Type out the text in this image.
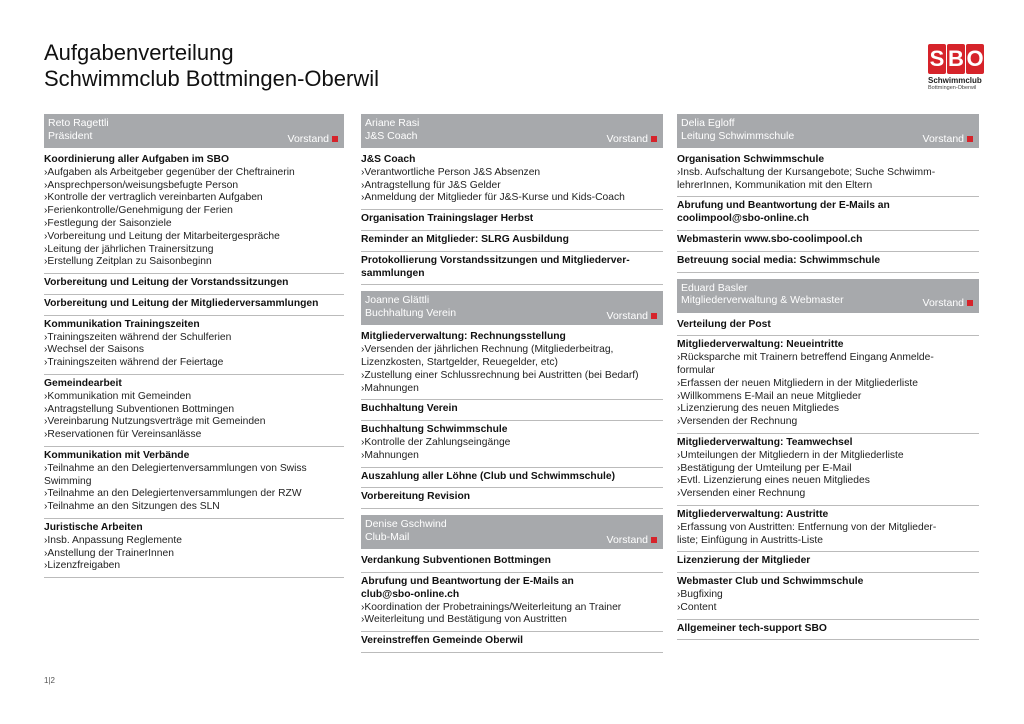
Aufgabenverteilung
Schwimmclub Bottmingen-Oberwil
S B O
Schwimmclub
Bottmingen-Oberwil
Reto Ragettli
Präsident	Vorstand
Koordinierung aller Aufgaben im SBO
›Aufgaben als Arbeitgeber gegenüber der Cheftrainerin
›Ansprechperson/weisungsbefugte Person
›Kontrolle der vertraglich vereinbarten Aufgaben
›Ferienkontrolle/Genehmigung der Ferien
›Festlegung der Saisonziele
›Vorbereitung und Leitung der Mitarbeitergespräche
›Leitung der jährlichen Trainersitzung
›Erstellung Zeitplan zu Saisonbeginn
Vorbereitung und Leitung der Vorstandssitzungen
Vorbereitung und Leitung der Mitgliederversammlungen
Kommunikation Trainingszeiten
›Trainingszeiten während der Schulferien
›Wechsel der Saisons
›Trainingszeiten während der Feiertage
Gemeindearbeit
›Kommunikation mit Gemeinden
›Antragstellung Subventionen Bottmingen
›Vereinbarung Nutzungsverträge mit Gemeinden
›Reservationen für Vereinsanlässe
Kommunikation mit Verbände
›Teilnahme an den Delegiertenversammlungen von Swiss
Swimming
›Teilnahme an den Delegiertenversammlungen der RZW
›Teilnahme an den Sitzungen des SLN
Juristische Arbeiten
›Insb. Anpassung Reglemente
›Anstellung der TrainerInnen
›Lizenzfreigaben
Ariane Rasi
J&S Coach	Vorstand
J&S Coach
›Verantwortliche Person J&S Absenzen
›Antragstellung für J&S Gelder
›Anmeldung der Mitglieder für J&S-Kurse und Kids-Coach
Organisation Trainingslager Herbst
Reminder an Mitglieder: SLRG Ausbildung
Protokollierung Vorstandssitzungen und Mitgliederver-
sammlungen
Joanne Glättli
Buchhaltung Verein	Vorstand
Mitgliederverwaltung: Rechnungsstellung
›Versenden der jährlichen Rechnung (Mitgliederbeitrag,
Lizenzkosten, Startgelder, Reuegelder, etc)
›Zustellung einer Schlussrechnung bei Austritten (bei Bedarf)
›Mahnungen
Buchhaltung Verein
Buchhaltung Schwimmschule
›Kontrolle der Zahlungseingänge
›Mahnungen
Auszahlung aller Löhne (Club und Schwimmschule)
Vorbereitung Revision
Denise Gschwind
Club-Mail	Vorstand
Verdankung Subventionen Bottmingen
Abrufung und Beantwortung der E-Mails an
club@sbo-online.ch
›Koordination der Probetrainings/Weiterleitung an Trainer
›Weiterleitung und Bestätigung von Austritten
Vereinstreffen Gemeinde Oberwil
Delia Egloff
Leitung Schwimmschule	Vorstand
Organisation Schwimmschule
›Insb. Aufschaltung der Kursangebote; Suche Schwimm-
lehrerInnen, Kommunikation mit den Eltern
Abrufung und Beantwortung der E-Mails an
coolimpool@sbo-online.ch
Webmasterin www.sbo-coolimpool.ch
Betreuung social media: Schwimmschule
Eduard Basler
Mitgliederverwaltung & Webmaster	Vorstand
Verteilung der Post
Mitgliederverwaltung: Neueintritte
›Rücksparche mit Trainern betreffend Eingang Anmelde-
formular
›Erfassen der neuen Mitgliedern in der Mitgliederliste
›Willkommens E-Mail an neue Mitglieder
›Lizenzierung des neuen Mitgliedes
›Versenden der Rechnung
Mitgliederverwaltung: Teamwechsel
›Umteilungen der Mitgliedern in der Mitgliederliste
›Bestätigung der Umteilung per E-Mail
›Evtl. Lizenzierung eines neuen Mitgliedes
›Versenden einer Rechnung
Mitgliederverwaltung: Austritte
›Erfassung von Austritten: Entfernung von der Mitglieder-
liste; Einfügung in Austritts-Liste
Lizenzierung der Mitglieder
Webmaster Club und Schwimmschule
›Bugfixing
›Content
Allgemeiner tech-support SBO
1|2
